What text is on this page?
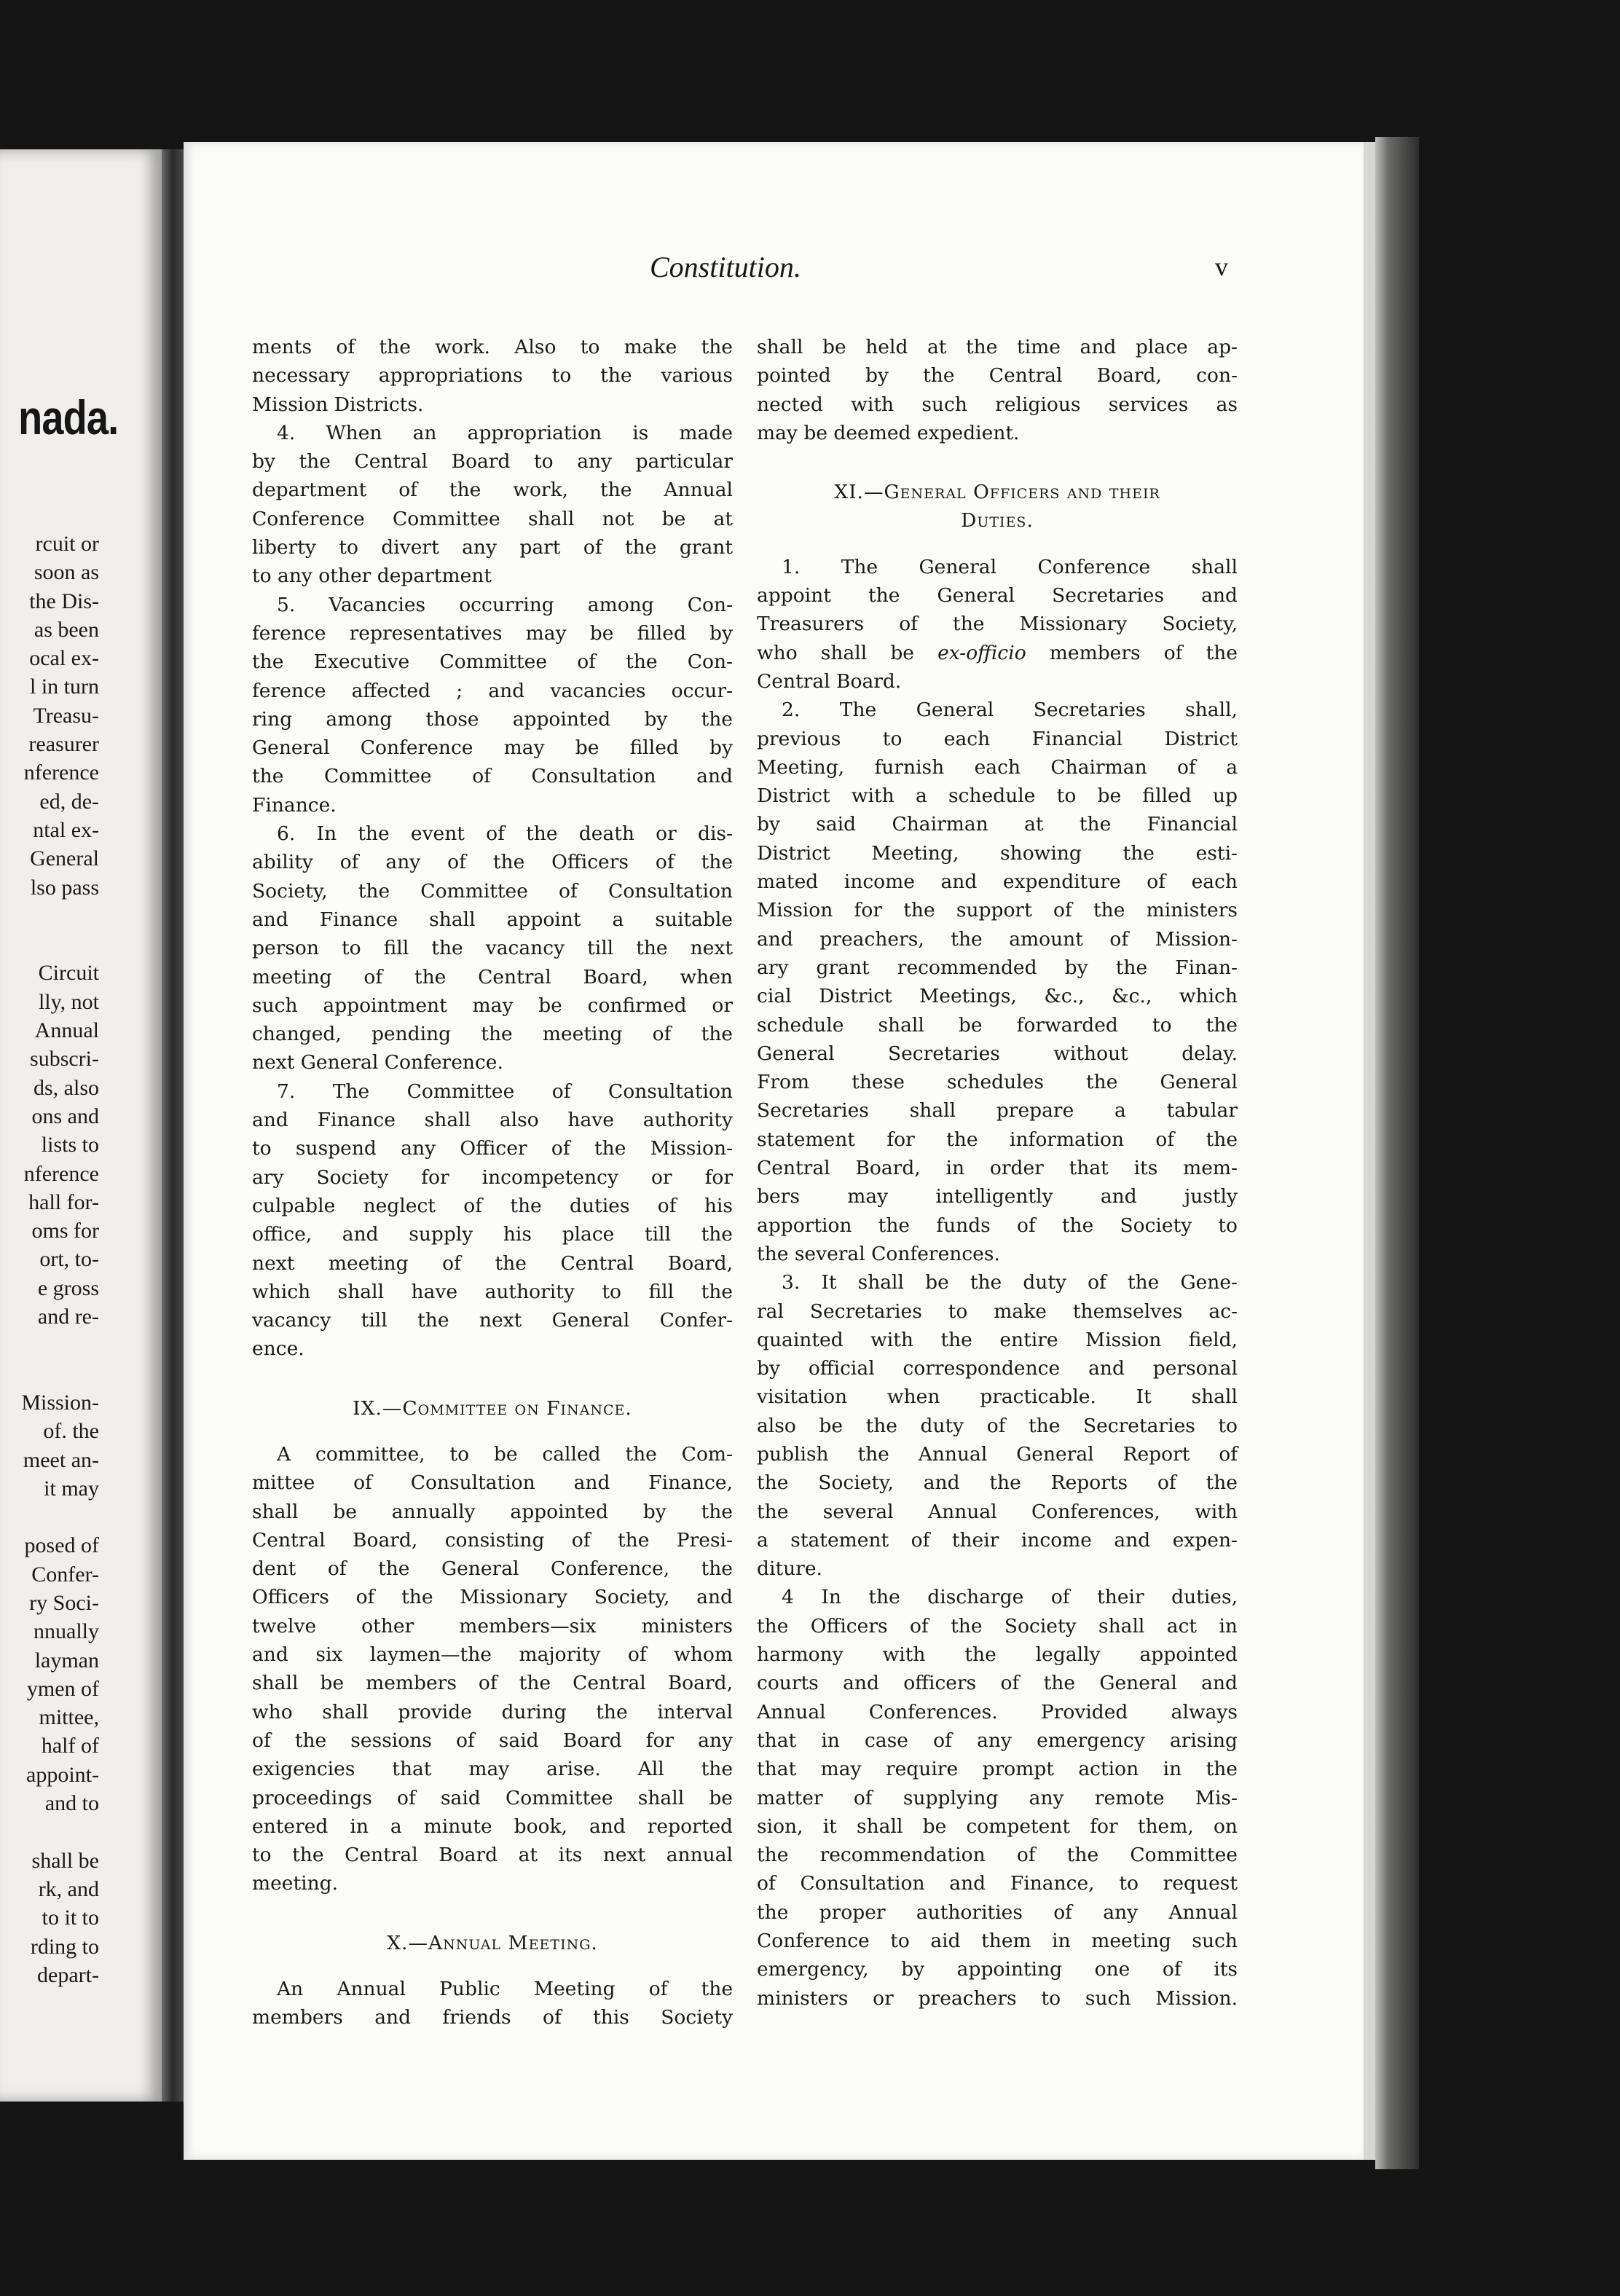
nada.
rcuit or
soon as
the Dis-
as been
ocal ex-
l in turn
Treasu-
reasurer
nference
ed, de-
ntal ex-
General
lso pass
Circuit
lly, not
Annual
subscri-
ds, also
ons and
lists to
nference
hall for-
oms for
ort, to-
e gross
and re-
Mission-
of. the
meet an-
it may
posed of
Confer-
ry Soci-
nnually
layman
ymen of
mittee,
half of
appoint-
and to
shall be
rk, and
to it to
rding to
depart-
Constitution.	v
ments of the work. Also to make the
necessary appropriations to the various
Mission Districts.
4. When an appropriation is made
by the Central Board to any particular
department of the work, the Annual
Conference Committee shall not be at
liberty to divert any part of the grant
to any other department
5. Vacancies occurring among Con-
ference representatives may be filled by
the Executive Committee of the Con-
ference affected ; and vacancies occur-
ring among those appointed by the
General Conference may be filled by
the Committee of Consultation and
Finance.
6. In the event of the death or dis-
ability of any of the Officers of the
Society, the Committee of Consultation
and Finance shall appoint a suitable
person to fill the vacancy till the next
meeting of the Central Board, when
such appointment may be confirmed or
changed, pending the meeting of the
next General Conference.
7. The Committee of Consultation
and Finance shall also have authority
to suspend any Officer of the Mission-
ary Society for incompetency or for
culpable neglect of the duties of his
office, and supply his place till the
next meeting of the Central Board,
which shall have authority to fill the
vacancy till the next General Confer-
ence.
IX.—Committee on Finance.
A committee, to be called the Com-
mittee of Consultation and Finance,
shall be annually appointed by the
Central Board, consisting of the Presi-
dent of the General Conference, the
Officers of the Missionary Society, and
twelve other members—six ministers
and six laymen—the majority of whom
shall be members of the Central Board,
who shall provide during the interval
of the sessions of said Board for any
exigencies that may arise. All the
proceedings of said Committee shall be
entered in a minute book, and reported
to the Central Board at its next annual
meeting.
X.—Annual Meeting.
An Annual Public Meeting of the
members and friends of this Society
shall be held at the time and place ap-
pointed by the Central Board, con-
nected with such religious services as
may be deemed expedient.
XI.—General Officers and their
Duties.
1. The General Conference shall
appoint the General Secretaries and
Treasurers of the Missionary Society,
who shall be ex-officio members of the
Central Board.
2. The General Secretaries shall,
previous to each Financial District
Meeting, furnish each Chairman of a
District with a schedule to be filled up
by said Chairman at the Financial
District Meeting, showing the esti-
mated income and expenditure of each
Mission for the support of the ministers
and preachers, the amount of Mission-
ary grant recommended by the Finan-
cial District Meetings, &c., &c., which
schedule shall be forwarded to the
General Secretaries without delay.
From these schedules the General
Secretaries shall prepare a tabular
statement for the information of the
Central Board, in order that its mem-
bers may intelligently and justly
apportion the funds of the Society to
the several Conferences.
3. It shall be the duty of the Gene-
ral Secretaries to make themselves ac-
quainted with the entire Mission field,
by official correspondence and personal
visitation when practicable. It shall
also be the duty of the Secretaries to
publish the Annual General Report of
the Society, and the Reports of the
the several Annual Conferences, with
a statement of their income and expen-
diture.
4 In the discharge of their duties,
the Officers of the Society shall act in
harmony with the legally appointed
courts and officers of the General and
Annual Conferences. Provided always
that in case of any emergency arising
that may require prompt action in the
matter of supplying any remote Mis-
sion, it shall be competent for them, on
the recommendation of the Committee
of Consultation and Finance, to request
the proper authorities of any Annual
Conference to aid them in meeting such
emergency, by appointing one of its
ministers or preachers to such Mission.
